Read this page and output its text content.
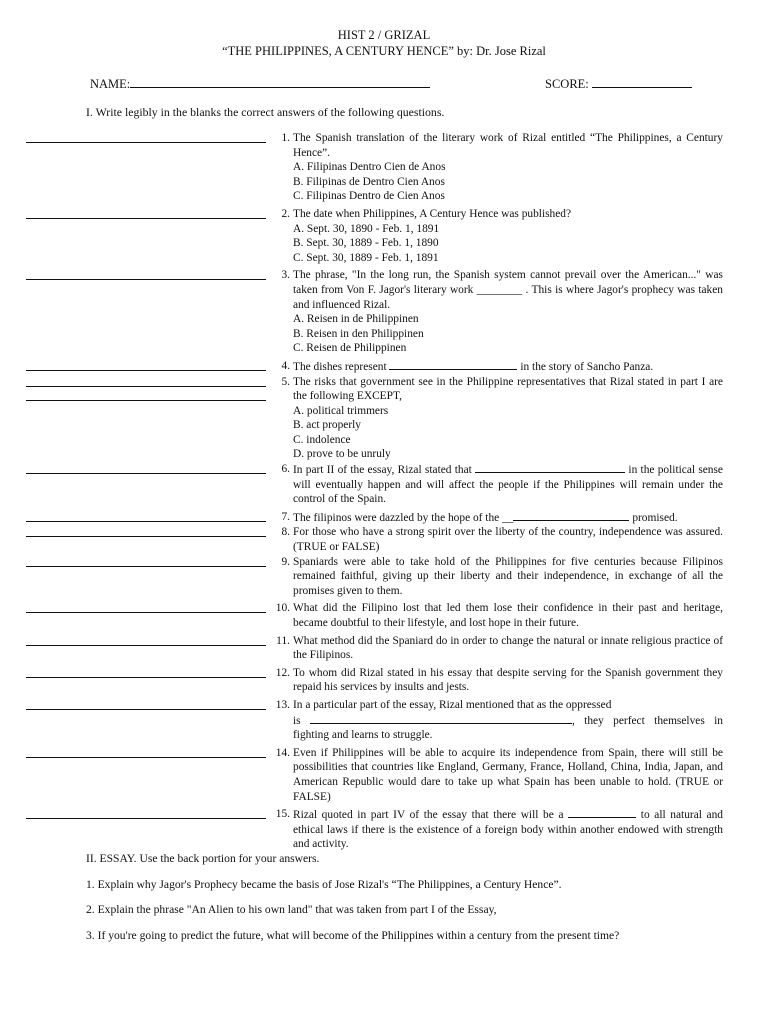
HIST 2 / GRIZAL
“THE PHILIPPINES, A CENTURY HENCE” by: Dr. Jose Rizal
NAME:	SCORE:
I. Write legibly in the blanks the correct answers of the following questions.
1. The Spanish translation of the literary work of Rizal entitled “The Philippines, a Century Hence”.
A. Filipinas Dentro Cien de Anos
B. Filipinas de Dentro Cien Anos
C. Filipinas Dentro de Cien Anos
2. The date when Philippines, A Century Hence was published?
A. Sept. 30, 1890 - Feb. 1, 1891
B. Sept. 30, 1889 - Feb. 1, 1890
C. Sept. 30, 1889 - Feb. 1, 1891
3. The phrase, "In the long run, the Spanish system cannot prevail over the American..." was taken from Von F. Jagor's literary work ________ . This is where Jagor's prophecy was taken and influenced Rizal.
A. Reisen in de Philippinen
B. Reisen in den Philippinen
C. Reisen de Philippinen
4. The dishes represent	in the story of Sancho Panza.
5. The risks that government see in the Philippine representatives that Rizal stated in part I are the following EXCEPT,
A. political trimmers
B. act properly
C. indolence
D. prove to be unruly
6. In part II of the essay, Rizal stated that	in the political sense will eventually happen and will affect the people if the Philippines will remain under the control of the Spain.
7. The filipinos were dazzled by the hope of the __	promised.
8. For those who have a strong spirit over the liberty of the country, independence was assured. (TRUE or FALSE)
9. Spaniards were able to take hold of the Philippines for five centuries because Filipinos remained faithful, giving up their liberty and their independence, in exchange of all the promises given to them.
10. What did the Filipino lost that led them lose their confidence in their past and heritage, became doubtful to their lifestyle, and lost hope in their future.
11. What method did the Spaniard do in order to change the natural or innate religious practice of the Filipinos.
12. To whom did Rizal stated in his essay that despite serving for the Spanish government they repaid his services by insults and jests.
13. In a particular part of the essay, Rizal mentioned that as the oppressed
is	, they perfect themselves in fighting and learns to struggle.
14. Even if Philippines will be able to acquire its independence from Spain, there will still be possibilities that countries like England, Germany, France, Holland, China, India, Japan, and American Republic would dare to take up what Spain has been unable to hold. (TRUE or FALSE)
15. Rizal quoted in part IV of the essay that there will be a	to all natural and ethical laws if there is the existence of a foreign body within another endowed with strength and activity.
II. ESSAY. Use the back portion for your answers.
1. Explain why Jagor's Prophecy became the basis of Jose Rizal's “The Philippines, a Century Hence”.
2. Explain the phrase "An Alien to his own land" that was taken from part I of the Essay,
3. If you're going to predict the future, what will become of the Philippines within a century from the present time?
